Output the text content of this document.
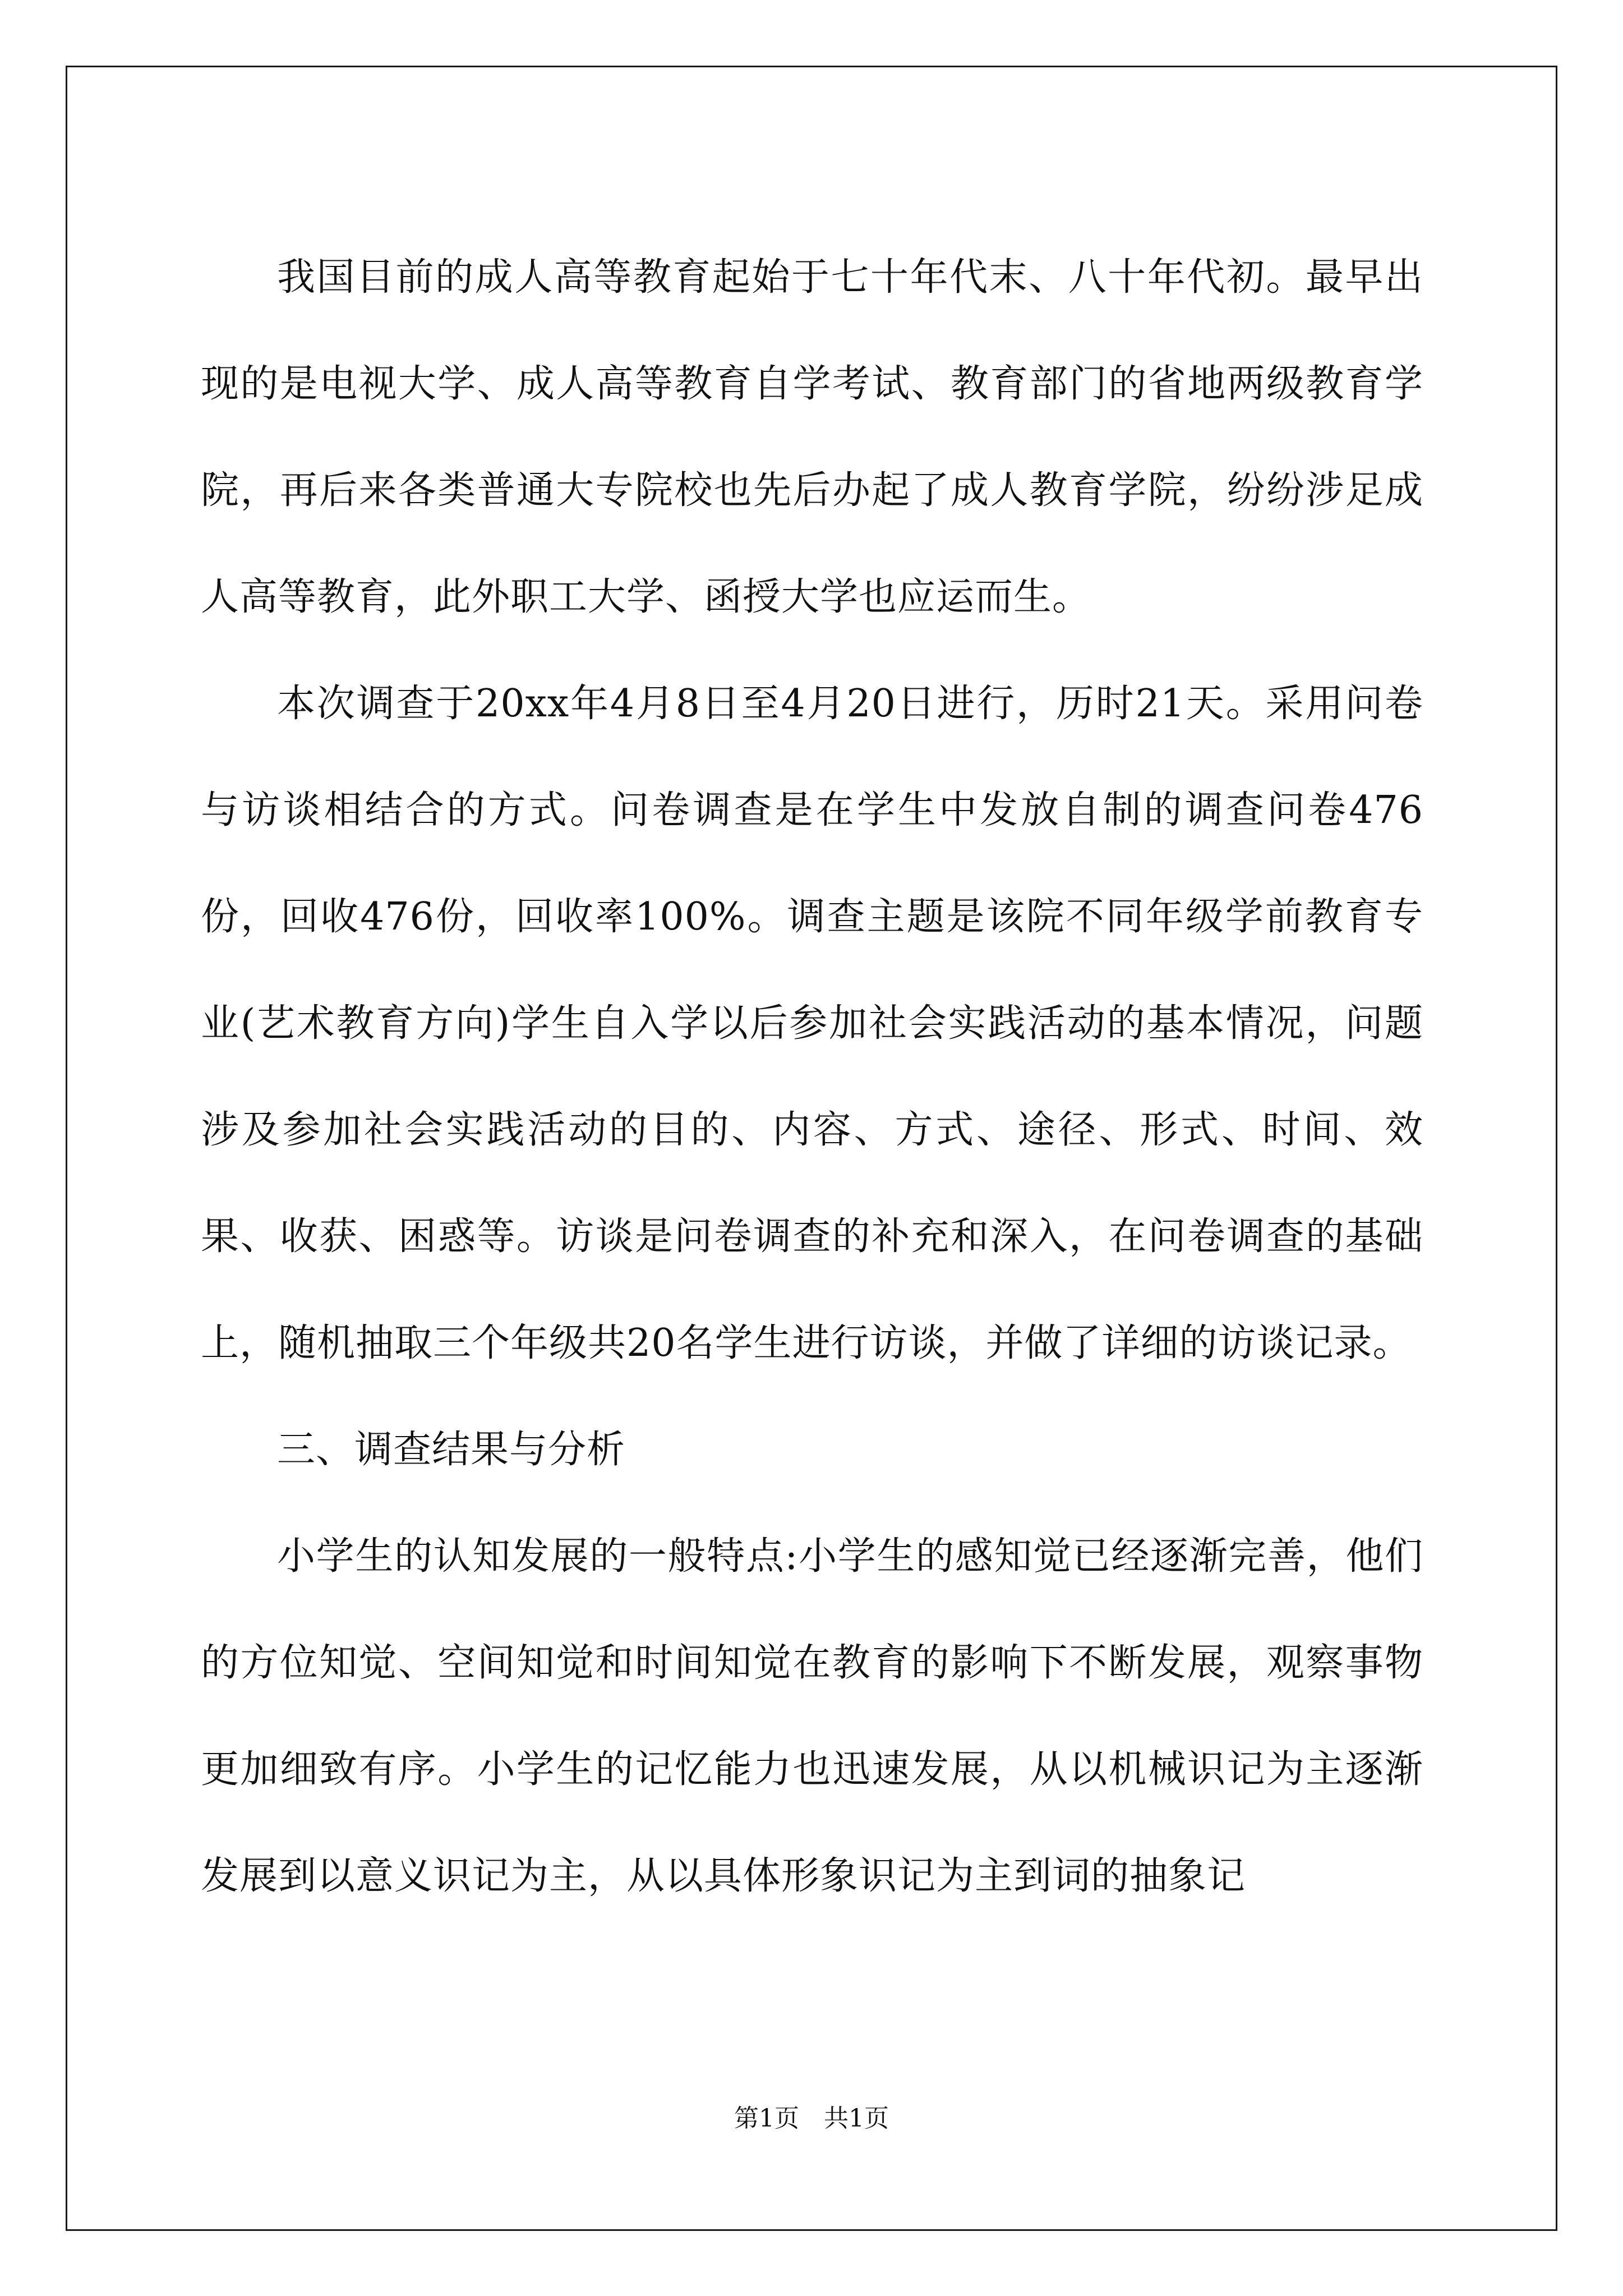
我国目前的成人高等教育起始于七十年代末、八十年代初。最早出现的是电视大学、成人高等教育自学考试、教育部门的省地两级教育学院，再后来各类普通大专院校也先后办起了成人教育学院，纷纷涉足成人高等教育，此外职工大学、函授大学也应运而生。

本次调查于20xx年4月8日至4月20日进行，历时21天。采用问卷与访谈相结合的方式。问卷调查是在学生中发放自制的调查问卷476份，回收476份，回收率100%。调查主题是该院不同年级学前教育专业(艺术教育方向)学生自入学以后参加社会实践活动的基本情况，问题涉及参加社会实践活动的目的、内容、方式、途径、形式、时间、效果、收获、困惑等。访谈是问卷调查的补充和深入，在问卷调查的基础上，随机抽取三个年级共20名学生进行访谈，并做了详细的访谈记录。

三、调查结果与分析

小学生的认知发展的一般特点:小学生的感知觉已经逐渐完善，他们的方位知觉、空间知觉和时间知觉在教育的影响下不断发展，观察事物更加细致有序。小学生的记忆能力也迅速发展，从以机械识记为主逐渐发展到以意义识记为主，从以具体形象识记为主到词的抽象记

第1页　共1页
